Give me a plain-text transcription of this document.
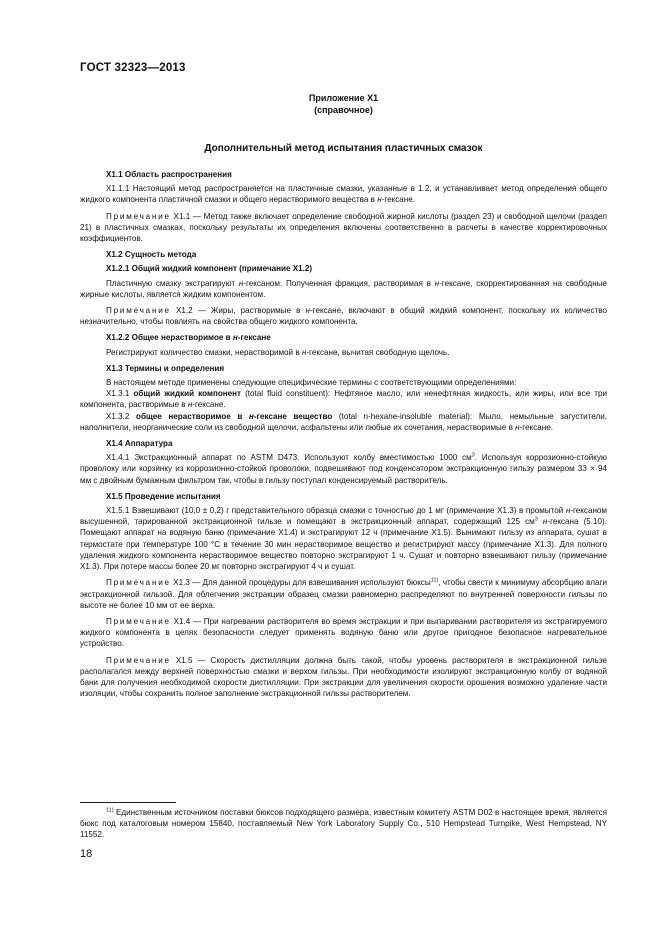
ГОСТ 32323—2013
Приложение X1
(справочное)
Дополнительный метод испытания пластичных смазок
X1.1 Область распространения

X1.1.1 Настоящий метод распространяется на пластичные смазки, указанные в 1.2, и устанавливает метод определения общего жидкого компонента пластичной смазки и общего нерастворимого вещества в н-гексане.

Примечание X1.1 — Метод также включает определение свободной жирной кислоты (раздел 23) и свободной щелочи (раздел 21) в пластичных смазках, поскольку результаты их определения включены соответственно в расчеты в качестве корректировочных коэффициентов.

X1.2 Сущность метода
X1.2.1 Общий жидкий компонент (примечание X1.2)

Пластичную смазку экстрагируют н-гексаном. Полученная фракция, растворимая в н-гексане, скорректированная на свободные жирные кислоты, является жидким компонентом.

Примечание X1.2 — Жиры, растворимые в н-гексане, включают в общий жидкий компонент, поскольку их количество незначительно, чтобы повлиять на свойства общего жидкого компонента.

X1.2.2 Общее нерастворимое в н-гексане

Регистрируют количество смазки, нерастворимой в н-гексане, вычитая свободную щелочь.

X1.3 Термины и определения

В настоящем методе применены следующие специфические термины с соответствующими определениями:

X1.3.1 общий жидкий компонент (total fluid constituent): Нефтяное масло, или ненефтяная жидкость, или жиры, или все три компонента, растворимые в н-гексане.

X1.3.2 общее нерастворимое в н-гексане вещество (total n-hexane-insoluble material): Мыло, немыльные загустители, наполнители, неорганические соли из свободной щелочи, асфальтены или любые их сочетания, нерастворимые в н-гексане.

X1.4 Аппаратура

X1.4.1 Экстракционный аппарат по ASTM D473. Используют колбу вместимостью 1000 $см^3$. Используя коррозионно-стойкую проволоку или корзинку из коррозионно-стойкой проволоки, подвешивают под конденсатором экстракционную гильзу размером 33 × 94 мм с двойным бумажным фильтром так, чтобы в гильзу поступал конденсируемый растворитель.

X1.5 Проведение испытания

X1.5.1 Взвешивают (10,0 ± 0,2) г представительного образца смазки с точностью до 1 мг (примечание X1.3) в промытой н-гексаном высушенной, тарированной экстракционной гильзе и помещают в экстракционный аппарат, содержащий 125 $см^3$ н-гексана (5.10). Помещают аппарат на водяную баню (примечание X1.4) и экстрагируют 12 ч (примечание X1.5). Вынимают гильзу из аппарата, сушат в термостате при температуре 100 °С в течение 30 мин нерастворимое вещество и регистрируют массу (примечание X1.3). Для полного удаления жидкого компонента нерастворимое вещество повторно экстрагируют 1 ч. Сушат и повторно взвешивают гильзу (примечание X1.3). При потере массы более 20 мг повторно экстрагируют 4 ч и сушат.

Примечание X1.3 — Для данной процедуры для взвешивания используют бюксы$^{11)}$, чтобы свести к минимуму абсорбцию влаги экстракционной гильзой. Для облегчения экстракции образец смазки равномерно распределяют по внутренней поверхности гильзы по высоте не более 10 мм от ее верха.

Примечание X1.4 — При нагревании растворителя во время экстракции и при выпаривании растворителя из экстрагируемого жидкого компонента в целях безопасности следует применять водяную баню или другое пригодное безопасное нагревательное устройство.

Примечание X1.5 — Скорость дистилляции должна быть такой, чтобы уровень растворителя в экстракционной гильзе располагался между верхней поверхностью смазки и верхом гильзы. При необходимости изолируют экстракционную колбу от водяной бани для получения необходимой скорости дистилляции. При экстракции для увеличения скорости орошения возможно удаление части изоляции, чтобы сохранить полное заполнение экстракционной гильзы растворителем.

$^{11)}$ Единственным источником поставки бюксов подходящего размера, известным комитету ASTM D02 в настоящее время, является бюкс под каталоговым номером 15840, поставляемый New York Laboratory Supply Co., 510 Hempstead Turnpike, West Hempstead, NY 11552.
18
